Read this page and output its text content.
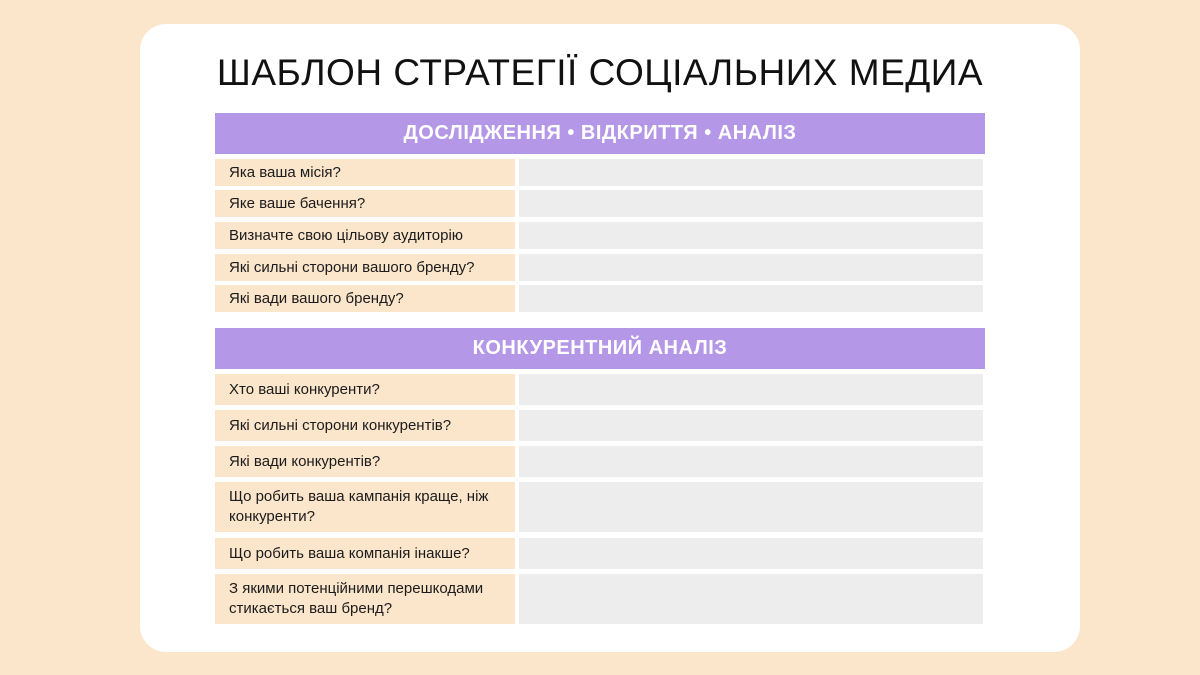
ШАБЛОН СТРАТЕГІЇ СОЦІАЛЬНИХ МЕДИА
ДОСЛІДЖЕННЯ • ВІДКРИТТЯ • АНАЛІЗ
Яка ваша місія?
Яке ваше бачення?
Визначте свою цільову аудиторію
Які сильні сторони вашого бренду?
Які вади вашого бренду?
КОНКУРЕНТНИЙ АНАЛІЗ
Хто ваші конкуренти?
Які сильні сторони конкурентів?
Які вади конкурентів?
Що робить ваша кампанія краще, ніж конкуренти?
Що робить ваша компанія інакше?
З якими потенційними перешкодами стикається ваш бренд?
